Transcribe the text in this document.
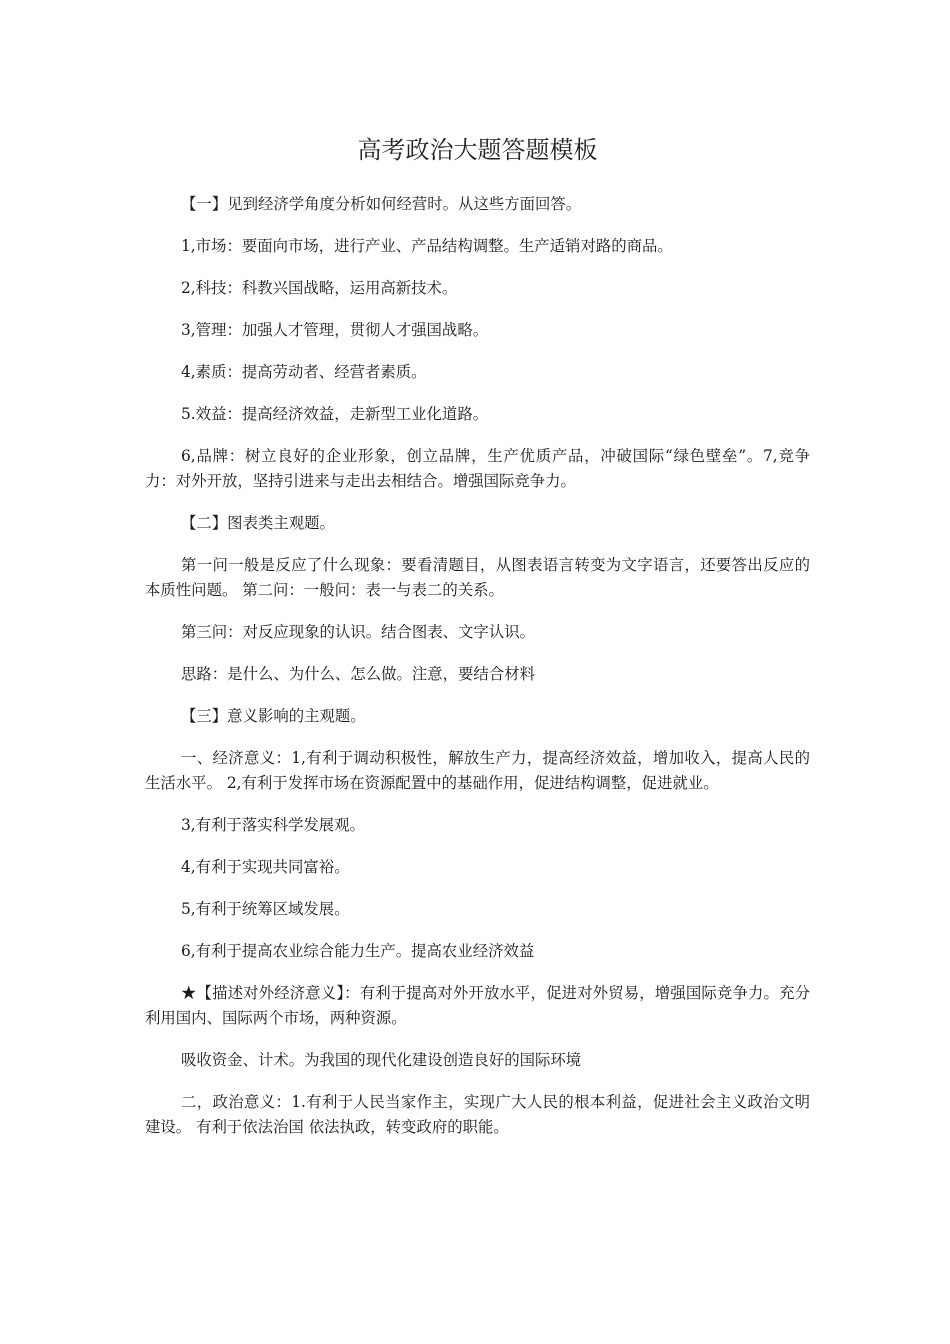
高考政治大题答题模板

【一】见到经济学角度分析如何经营时。从这些方面回答。

1,市场：要面向市场，进行产业、产品结构调整。生产适销对路的商品。

2,科技：科教兴国战略，运用高新技术。

3,管理：加强人才管理，贯彻人才强国战略。

4,素质：提高劳动者、经营者素质。

5.效益：提高经济效益，走新型工业化道路。

6,品牌：树立良好的企业形象，创立品牌，生产优质产品，冲破国际“绿色壁垒”。7,竞争力：对外开放，坚持引进来与走出去相结合。增强国际竞争力。

【二】图表类主观题。

第一问一般是反应了什么现象：要看清题目，从图表语言转变为文字语言，还要答出反应的本质性问题。 第二问：一般问：表一与表二的关系。

第三问：对反应现象的认识。结合图表、文字认识。

思路：是什么、为什么、怎么做。注意，要结合材料

【三】意义影响的主观题。

一、经济意义：1,有利于调动积极性，解放生产力，提高经济效益，增加收入，提高人民的生活水平。 2,有利于发挥市场在资源配置中的基础作用，促进结构调整，促进就业。

3,有利于落实科学发展观。

4,有利于实现共同富裕。

5,有利于统筹区域发展。

6,有利于提高农业综合能力生产。提高农业经济效益

★【描述对外经济意义】：有利于提高对外开放水平，促进对外贸易，增强国际竞争力。充分利用国内、国际两个市场，两种资源。

吸收资金、计术。为我国的现代化建设创造良好的国际环境

二，政治意义：1.有利于人民当家作主，实现广大人民的根本利益，促进社会主义政治文明建设。 有利于依法治国 依法执政，转变政府的职能。
